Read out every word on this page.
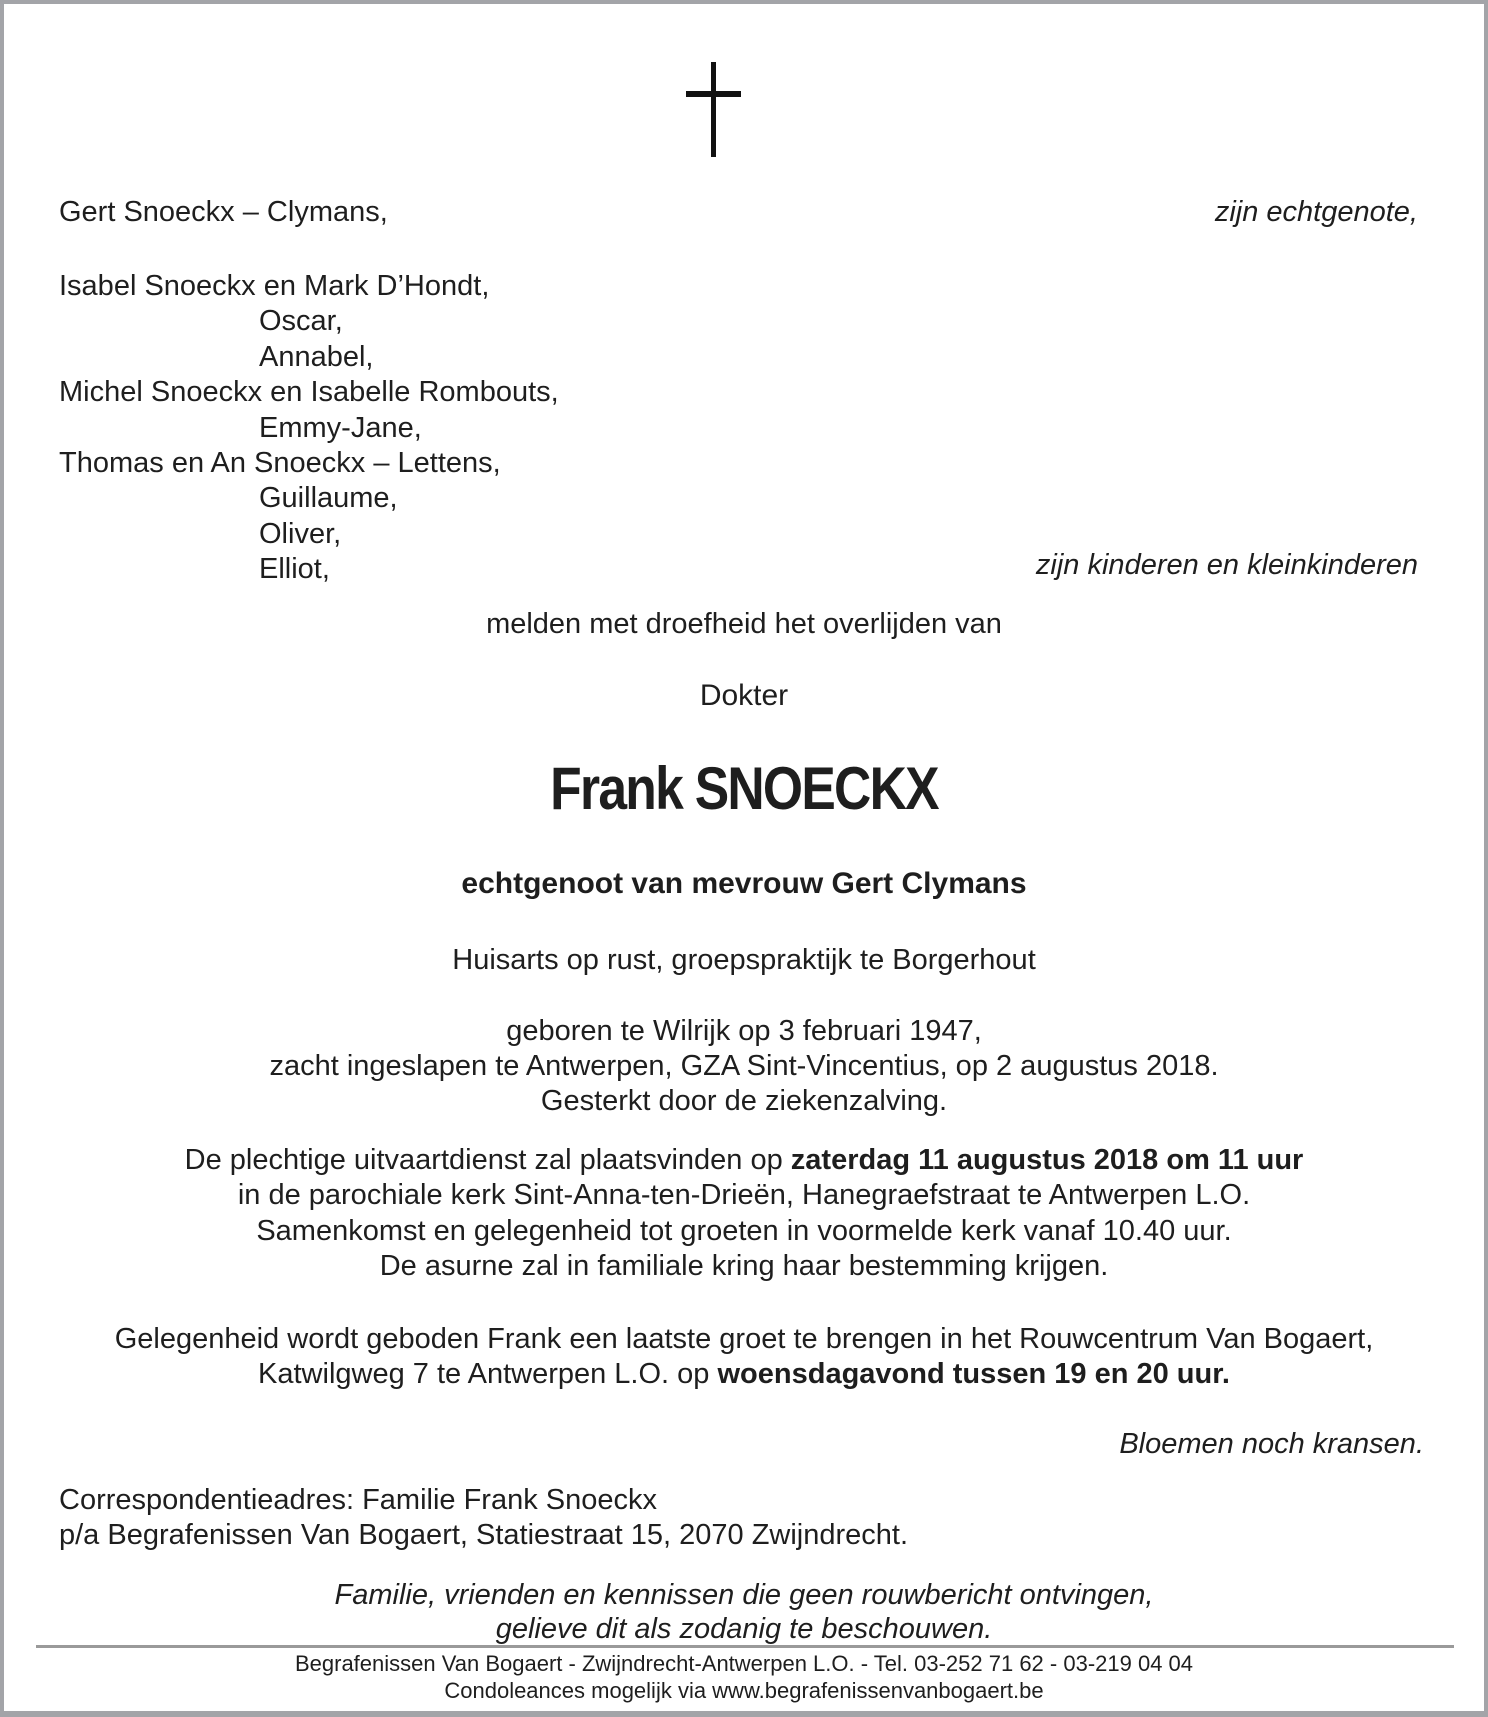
Gert Snoeckx – Clymans,	zijn echtgenote,
Isabel Snoeckx en Mark D’Hondt,
Oscar,
Annabel,
Michel Snoeckx en Isabelle Rombouts,
Emmy-Jane,
Thomas en An Snoeckx – Lettens,
Guillaume,
Oliver,
Elliot,	zijn kinderen en kleinkinderen
melden met droefheid het overlijden van
Dokter
Frank SNOECKX
echtgenoot van mevrouw Gert Clymans
Huisarts op rust, groepspraktijk te Borgerhout
geboren te Wilrijk op 3 februari 1947,
zacht ingeslapen te Antwerpen, GZA Sint-Vincentius, op 2 augustus 2018.
Gesterkt door de ziekenzalving.
De plechtige uitvaartdienst zal plaatsvinden op zaterdag 11 augustus 2018 om 11 uur
in de parochiale kerk Sint-Anna-ten-Drieën, Hanegraefstraat te Antwerpen L.O.
Samenkomst en gelegenheid tot groeten in voormelde kerk vanaf 10.40 uur.
De asurne zal in familiale kring haar bestemming krijgen.
Gelegenheid wordt geboden Frank een laatste groet te brengen in het Rouwcentrum Van Bogaert,
Katwilgweg 7 te Antwerpen L.O. op woensdagavond tussen 19 en 20 uur.
Bloemen noch kransen.
Correspondentieadres: Familie Frank Snoeckx
p/a Begrafenissen Van Bogaert, Statiestraat 15, 2070 Zwijndrecht.
Familie, vrienden en kennissen die geen rouwbericht ontvingen,
gelieve dit als zodanig te beschouwen.
Begrafenissen Van Bogaert - Zwijndrecht-Antwerpen L.O. - Tel. 03-252 71 62 - 03-219 04 04
Condoleances mogelijk via www.begrafenissenvanbogaert.be
